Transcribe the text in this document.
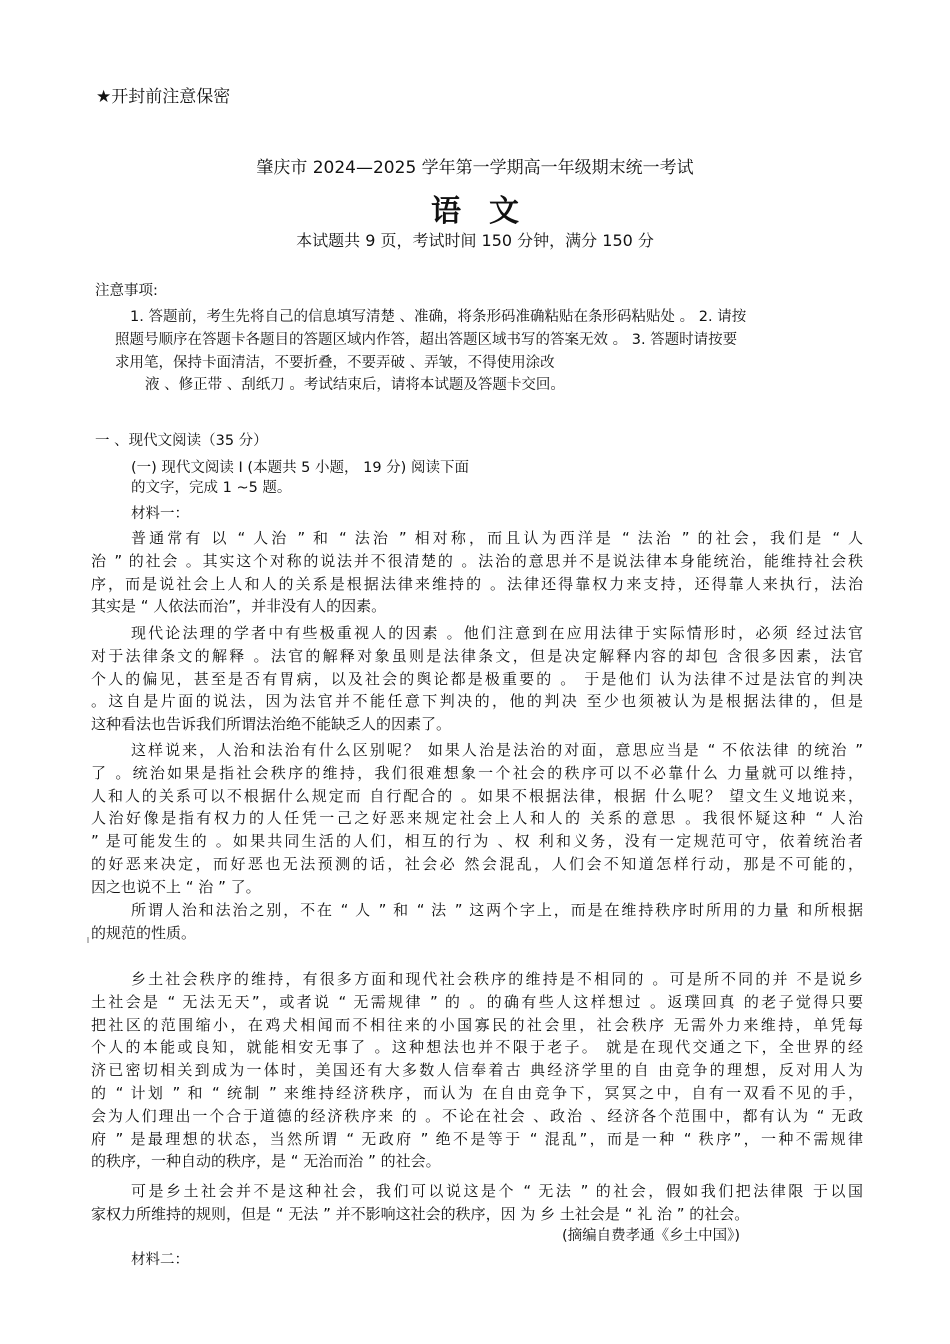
★开封前注意保密
肇庆市 2024—2025 学年第一学期高一年级期末统一考试
语文
本试题共 9 页，考试时间 150 分钟，满分 150 分
注意事项:
1. 答题前，考生先将自己的信息填写清楚 、准确，将条形码准确粘贴在条形码粘贴处 。 2. 请按
照题号顺序在答题卡各题目的答题区域内作答，超出答题区域书写的答案无效 。 3. 答题时请按要
求用笔，保持卡面清洁，不要折叠，不要弄破 、弄皱，不得使用涂改
液 、修正带 、刮纸刀 。考试结束后，请将本试题及答题卡交回。
一 、现代文阅读（35 分）
(一) 现代文阅读 I (本题共 5 小题， 19 分) 阅读下面
的文字，完成 1 ~5 题。
材料一：
普通常有 以 “ 人治 ” 和 “ 法治 ” 相对称，而且认为西洋是 “ 法治 ” 的社会，我们是 “ 人
治 ” 的社会 。其实这个对称的说法并不很清楚的 。法治的意思并不是说法律本身能统治，能维持社会秩
序，而是说社会上人和人的关系是根据法律来维持的 。法律还得靠权力来支持，还得靠人来执行，法治
其实是 “ 人依法而治”，并非没有人的因素。
现代论法理的学者中有些极重视人的因素 。他们注意到在应用法律于实际情形时，必须 经过法官
对于法律条文的解释 。法官的解释对象虽则是法律条文，但是决定解释内容的却包 含很多因素，法官
个人的偏见，甚至是否有胃病，以及社会的舆论都是极重要的 。 于是他们 认为法律不过是法官的判决
。这自是片面的说法，因为法官并不能任意下判决的，他的判决 至少也须被认为是根据法律的，但是
这种看法也告诉我们所谓法治绝不能缺乏人的因素了。
这样说来，人治和法治有什么区别呢？ 如果人治是法治的对面，意思应当是 “ 不依法律 的统治 ”
了 。统治如果是指社会秩序的维持，我们很难想象一个社会的秩序可以不必靠什么 力量就可以维持，
人和人的关系可以不根据什么规定而 自行配合的 。如果不根据法律，根据 什么呢？ 望文生义地说来，
人治好像是指有权力的人任凭一己之好恶来规定社会上人和人的 关系的意思 。我很怀疑这种 “ 人治
” 是可能发生的 。如果共同生活的人们，相互的行为 、权 利和义务，没有一定规范可守，依着统治者
的好恶来决定，而好恶也无法预测的话，社会必 然会混乱，人们会不知道怎样行动，那是不可能的，
因之也说不上 “ 治 ” 了。
所谓人治和法治之别，不在 “ 人 ” 和 “ 法 ” 这两个字上，而是在维持秩序时所用的力量 和所根据
的规范的性质。
乡土社会秩序的维持，有很多方面和现代社会秩序的维持是不相同的 。可是所不同的并 不是说乡
土社会是 “ 无法无天”，或者说 “ 无需规律 ” 的 。的确有些人这样想过 。返璞回真 的老子觉得只要
把社区的范围缩小，在鸡犬相闻而不相往来的小国寡民的社会里，社会秩序 无需外力来维持，单凭每
个人的本能或良知，就能相安无事了 。这种想法也并不限于老子。 就是在现代交通之下，全世界的经
济已密切相关到成为一体时，美国还有大多数人信奉着古 典经济学里的自 由竞争的理想，反对用人为
的 “ 计划 ” 和 “ 统制 ” 来维持经济秩序，而认为 在自由竞争下，冥冥之中，自有一双看不见的手，
会为人们理出一个合于道德的经济秩序来 的 。不论在社会 、政治 、经济各个范围中，都有认为 “ 无政
府 ” 是最理想的状态，当然所谓 “ 无政府 ” 绝不是等于 “ 混乱”，而是一种 “ 秩序”，一种不需规律
的秩序，一种自动的秩序，是 “ 无治而治 ” 的社会。
可是乡土社会并不是这种社会，我们可以说这是个 “ 无法 ” 的社会，假如我们把法律限 于以国
家权力所维持的规则，但是 “ 无法 ” 并不影响这社会的秩序，因 为 乡 土社会是 “ 礼 治 ” 的社会。
(摘编自费孝通《乡土中国》)
材料二：
